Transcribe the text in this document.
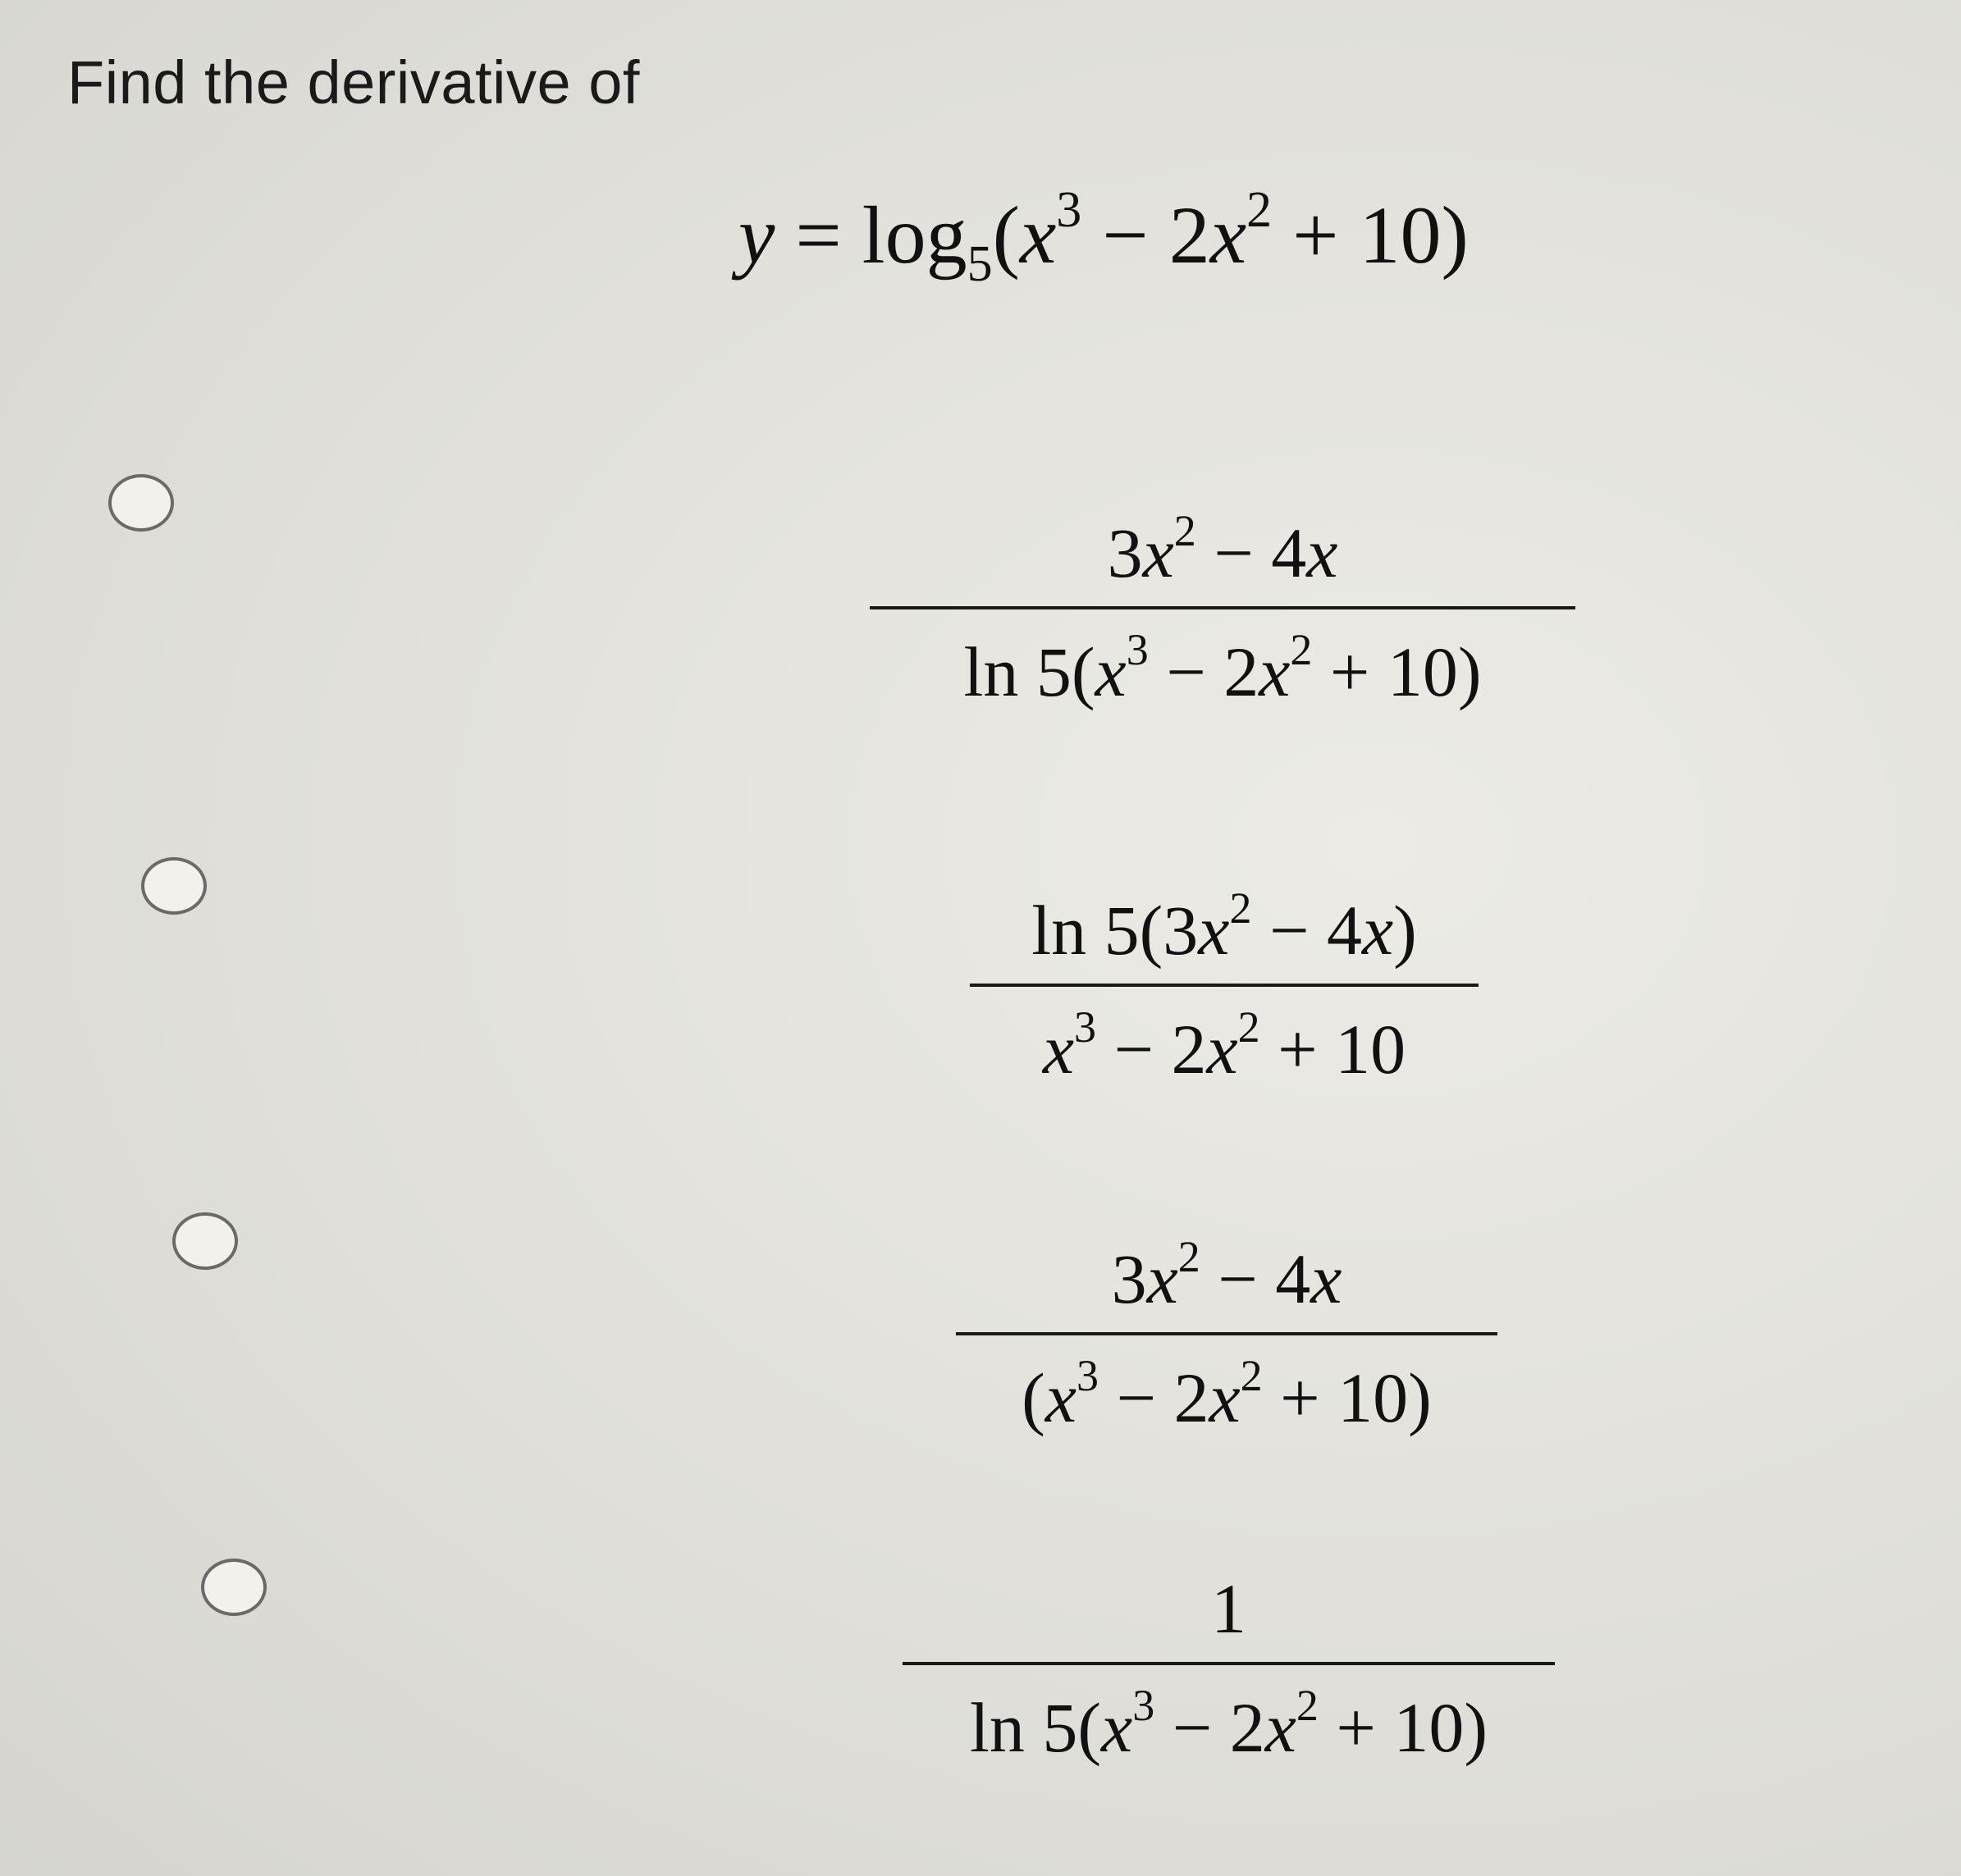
Find the derivative of
$y = \log_5(x^3 - 2x^2 + 10)$
$3x^2 - 4x$
$\ln 5(x^3 - 2x^2 + 10)$
$\ln 5(3x^2 - 4x)$
$x^3 - 2x^2 + 10$
$3x^2 - 4x$
$(x^3 - 2x^2 + 10)$
1
$\ln 5(x^3 - 2x^2 + 10)$
